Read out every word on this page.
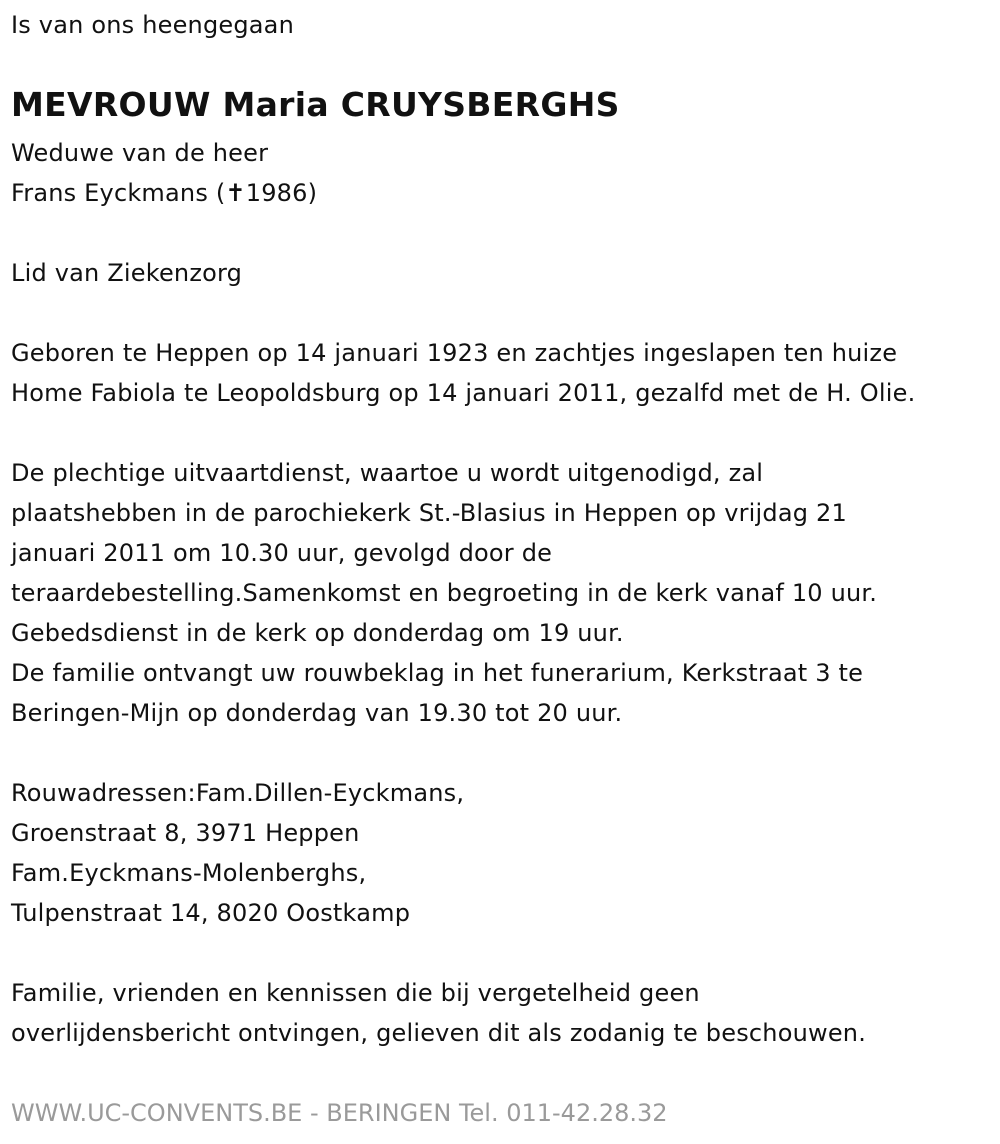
Is van ons heengegaan
MEVROUW Maria CRUYSBERGHS
Weduwe van de heer
Frans Eyckmans (✝1986)
Lid van Ziekenzorg
Geboren te Heppen op 14 januari 1923 en zachtjes ingeslapen ten huize
Home Fabiola te Leopoldsburg op 14 januari 2011, gezalfd met de H. Olie.
De plechtige uitvaartdienst, waartoe u wordt uitgenodigd, zal
plaatshebben in de parochiekerk St.-Blasius in Heppen op vrijdag 21
januari 2011 om 10.30 uur, gevolgd door de
teraardebestelling.Samenkomst en begroeting in de kerk vanaf 10 uur.
Gebedsdienst in de kerk op donderdag om 19 uur.
De familie ontvangt uw rouwbeklag in het funerarium, Kerkstraat 3 te
Beringen-Mijn op donderdag van 19.30 tot 20 uur.
Rouwadressen:Fam.Dillen-Eyckmans,
Groenstraat 8, 3971 Heppen
Fam.Eyckmans-Molenberghs,
Tulpenstraat 14, 8020 Oostkamp
Familie, vrienden en kennissen die bij vergetelheid geen
overlijdensbericht ontvingen, gelieven dit als zodanig te beschouwen.
WWW.UC-CONVENTS.BE - BERINGEN Tel. 011-42.28.32
